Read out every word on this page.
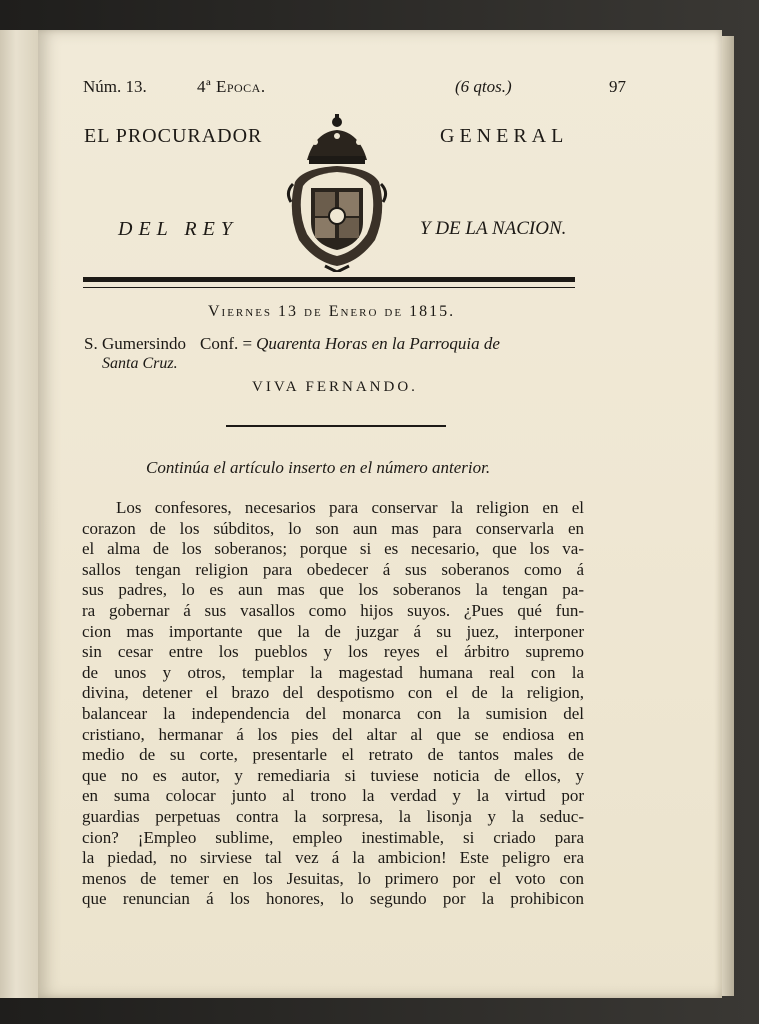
Núm. 13.	4ª Epoca.	(6 qtos.)	97
EL PROCURADOR	GENERAL
DEL REY	Y DE LA NACION.
Viernes 13 de Enero de 1815.
S. Gumersindo Conf. = Quarenta Horas en la Parroquia de
Santa Cruz.
VIVA FERNANDO.
Continúa el artículo inserto en el número anterior.
Los confesores, necesarios para conservar la religion en el
corazon de los súbditos, lo son aun mas para conservarla en
el alma de los soberanos; porque si es necesario, que los va-
sallos tengan religion para obedecer á sus soberanos como á
sus padres, lo es aun mas que los soberanos la tengan pa-
ra gobernar á sus vasallos como hijos suyos. ¿Pues qué fun-
cion mas importante que la de juzgar á su juez, interponer
sin cesar entre los pueblos y los reyes el árbitro supremo
de unos y otros, templar la magestad humana real con la
divina, detener el brazo del despotismo con el de la religion,
balancear la independencia del monarca con la sumision del
cristiano, hermanar á los pies del altar al que se endiosa en
medio de su corte, presentarle el retrato de tantos males de
que no es autor, y remediaria si tuviese noticia de ellos, y
en suma colocar junto al trono la verdad y la virtud por
guardias perpetuas contra la sorpresa, la lisonja y la seduc-
cion? ¡Empleo sublime, empleo inestimable, si criado para
la piedad, no sirviese tal vez á la ambicion! Este peligro era
menos de temer en los Jesuitas, lo primero por el voto con
que renuncian á los honores, lo segundo por la prohibicon
